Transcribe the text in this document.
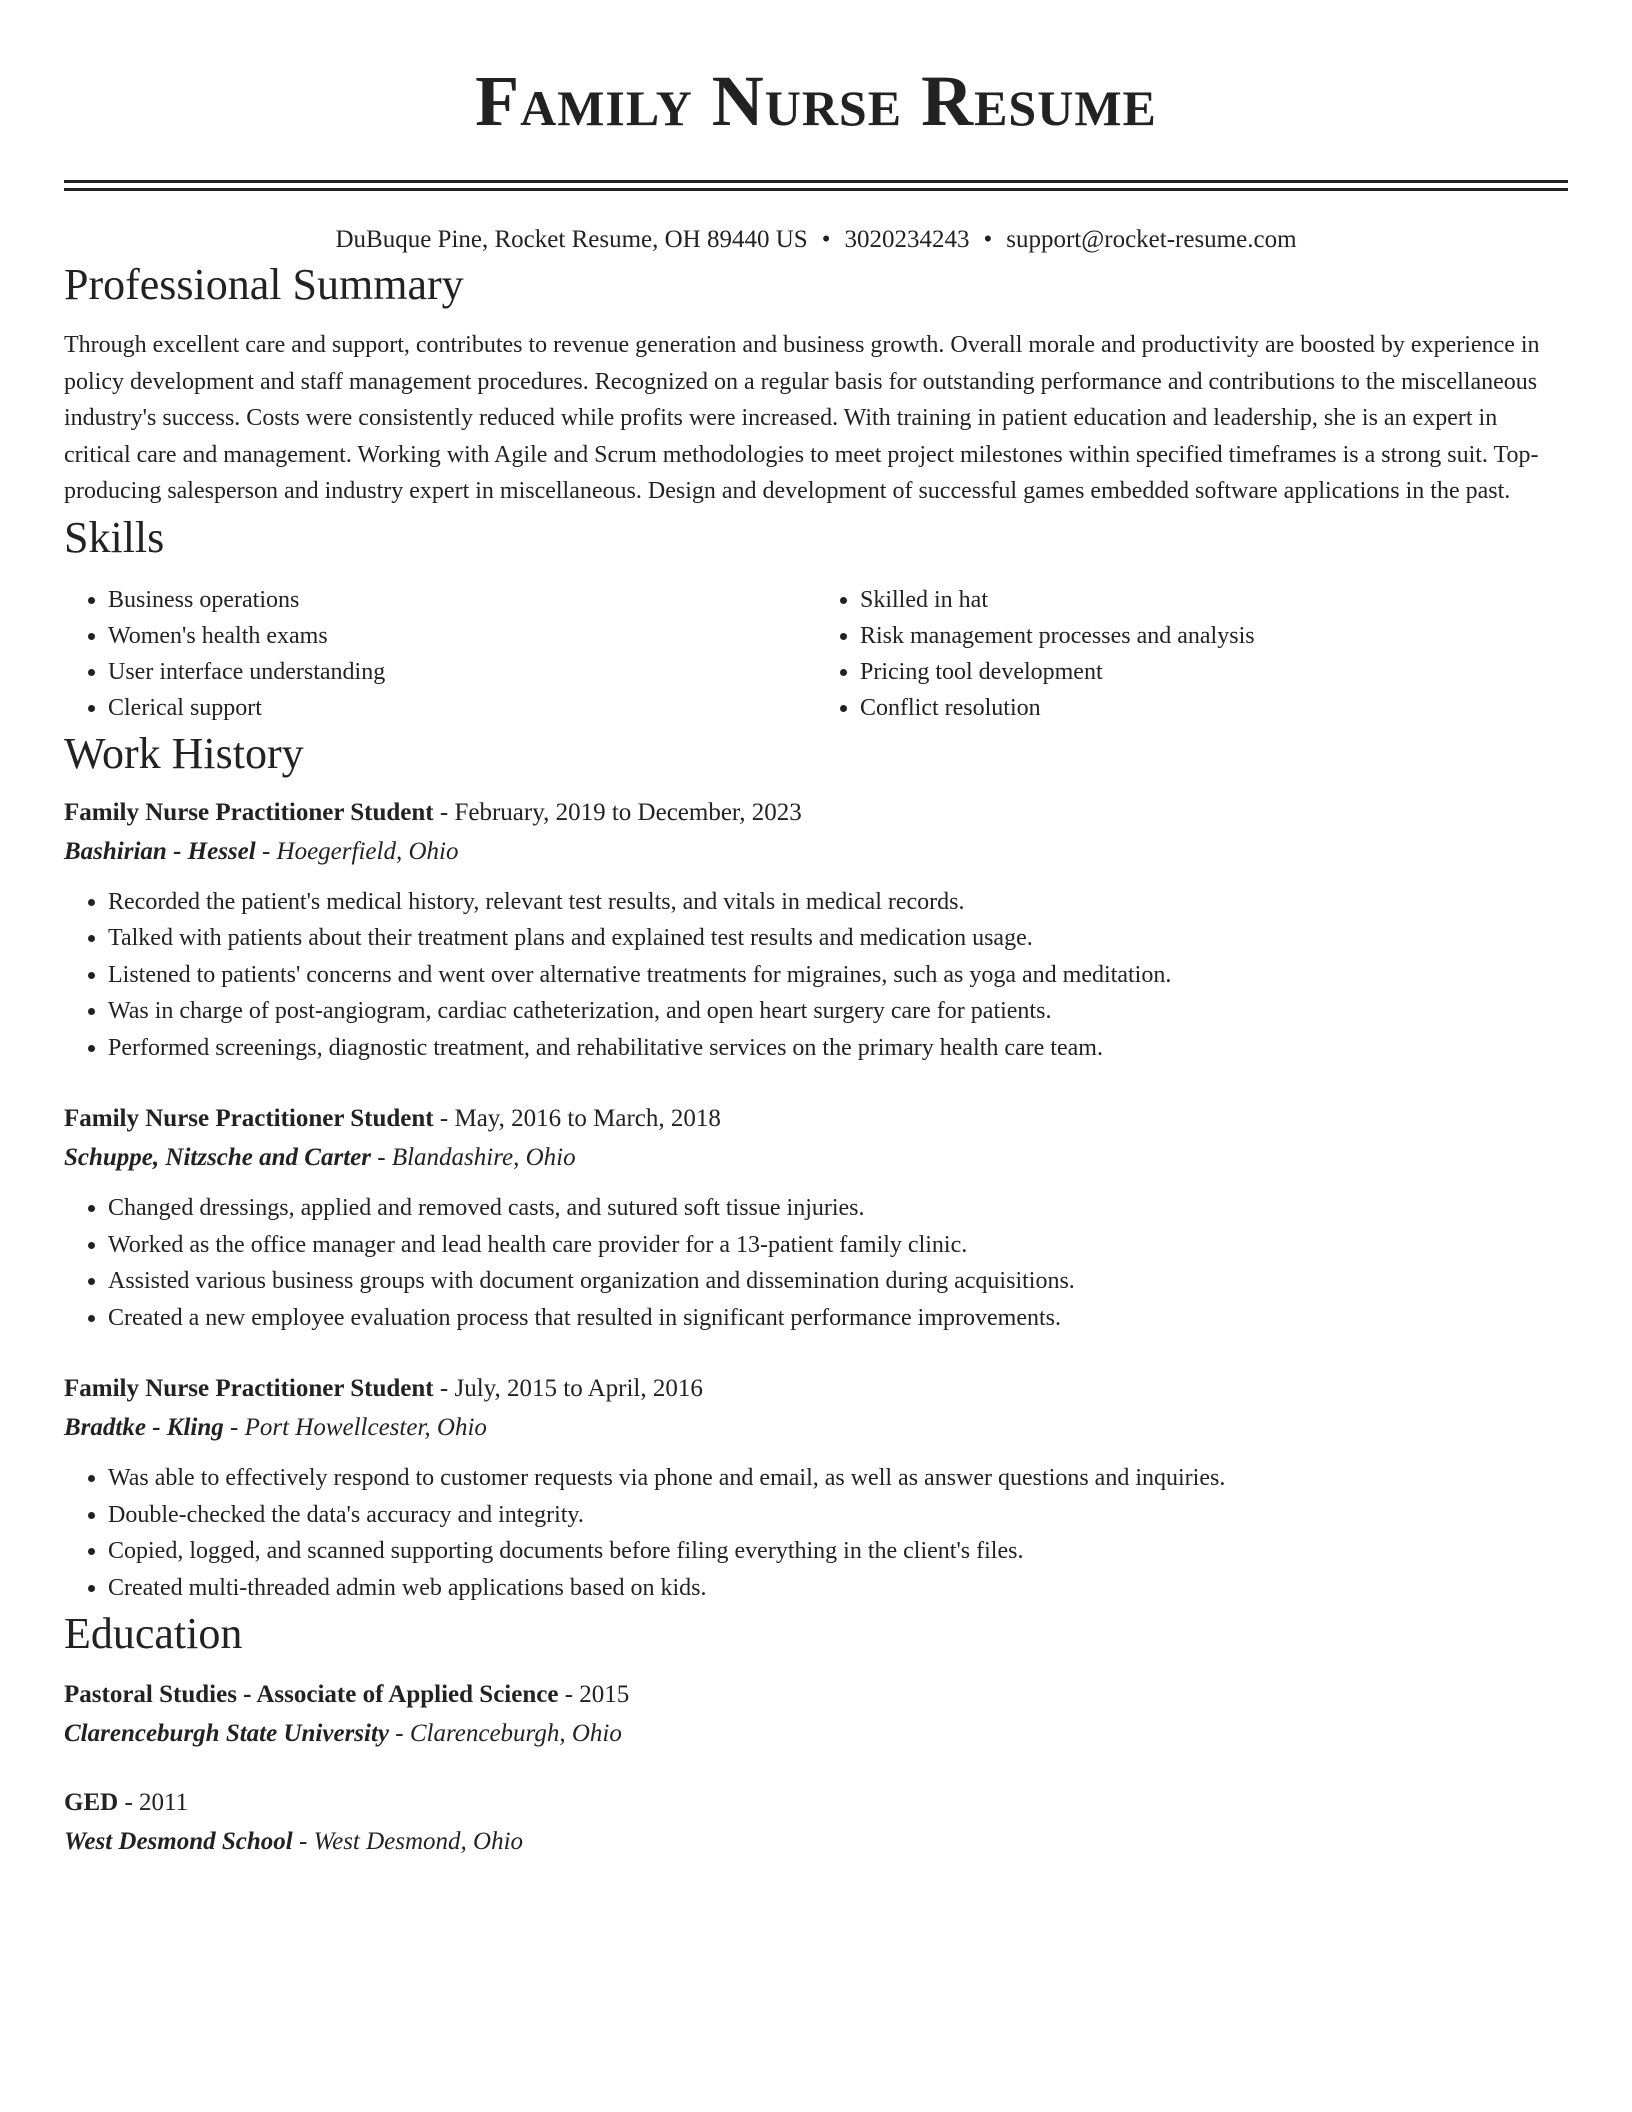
Family Nurse Resume
DuBuque Pine, Rocket Resume, OH 89440 US • 3020234243 • support@rocket-resume.com
Professional Summary
Through excellent care and support, contributes to revenue generation and business growth. Overall morale and productivity are boosted by experience in policy development and staff management procedures. Recognized on a regular basis for outstanding performance and contributions to the miscellaneous industry's success. Costs were consistently reduced while profits were increased. With training in patient education and leadership, she is an expert in critical care and management. Working with Agile and Scrum methodologies to meet project milestones within specified timeframes is a strong suit. Top-producing salesperson and industry expert in miscellaneous. Design and development of successful games embedded software applications in the past.
Skills
• Business operations
• Women's health exams
• User interface understanding
• Clerical support
• Skilled in hat
• Risk management processes and analysis
• Pricing tool development
• Conflict resolution
Work History
Family Nurse Practitioner Student - February, 2019 to December, 2023
Bashirian - Hessel - Hoegerfield, Ohio
• Recorded the patient's medical history, relevant test results, and vitals in medical records.
• Talked with patients about their treatment plans and explained test results and medication usage.
• Listened to patients' concerns and went over alternative treatments for migraines, such as yoga and meditation.
• Was in charge of post-angiogram, cardiac catheterization, and open heart surgery care for patients.
• Performed screenings, diagnostic treatment, and rehabilitative services on the primary health care team.
Family Nurse Practitioner Student - May, 2016 to March, 2018
Schuppe, Nitzsche and Carter - Blandashire, Ohio
• Changed dressings, applied and removed casts, and sutured soft tissue injuries.
• Worked as the office manager and lead health care provider for a 13-patient family clinic.
• Assisted various business groups with document organization and dissemination during acquisitions.
• Created a new employee evaluation process that resulted in significant performance improvements.
Family Nurse Practitioner Student - July, 2015 to April, 2016
Bradtke - Kling - Port Howellcester, Ohio
• Was able to effectively respond to customer requests via phone and email, as well as answer questions and inquiries.
• Double-checked the data's accuracy and integrity.
• Copied, logged, and scanned supporting documents before filing everything in the client's files.
• Created multi-threaded admin web applications based on kids.
Education
Pastoral Studies - Associate of Applied Science - 2015
Clarenceburgh State University - Clarenceburgh, Ohio
GED - 2011
West Desmond School - West Desmond, Ohio
